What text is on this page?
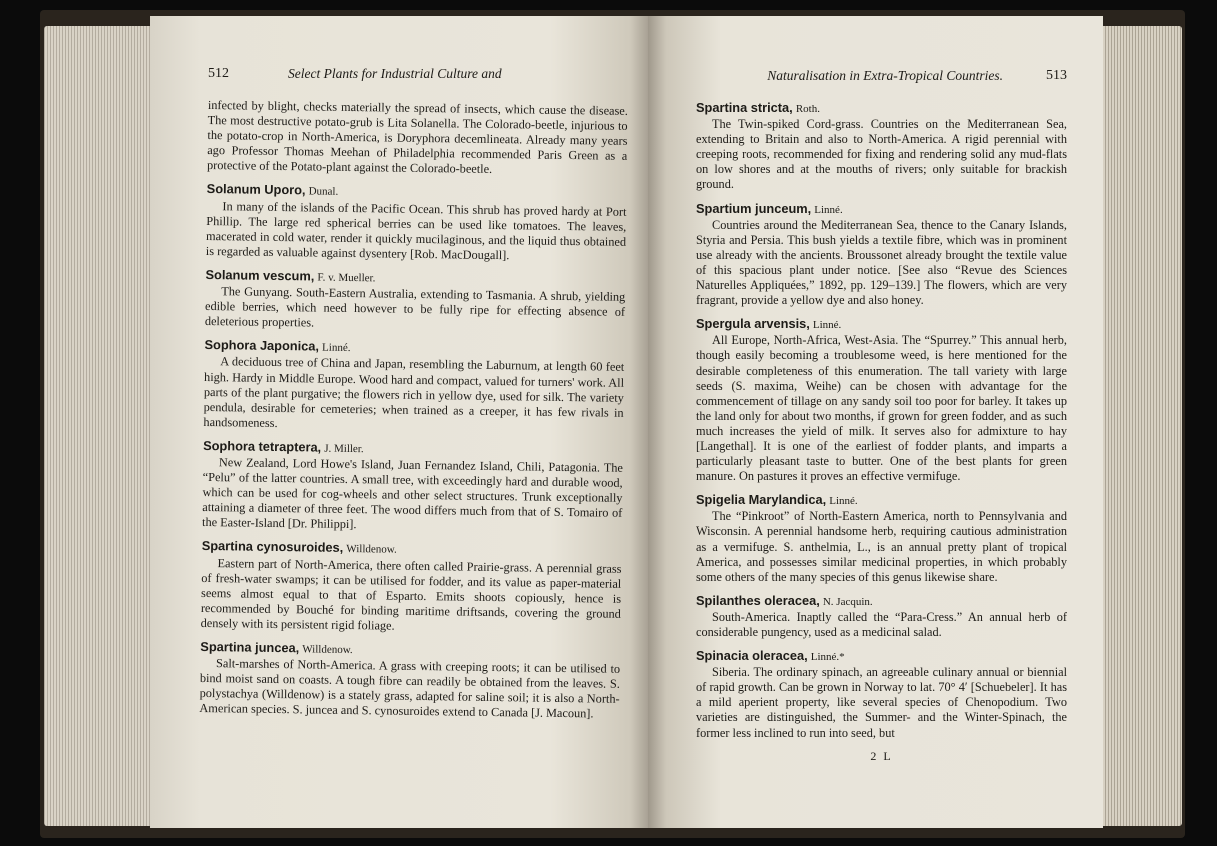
512	Select Plants for Industrial Culture and

infected by blight, checks materially the spread of insects, which cause the disease. The most destructive potato-grub is Lita Solanella. The Colorado-beetle, injurious to the potato-crop in North-America, is Doryphora decemlineata. Already many years ago Professor Thomas Meehan of Philadelphia recommended Paris Green as a protective of the Potato-plant against the Colorado-beetle.

Solanum Uporo, Dunal.

In many of the islands of the Pacific Ocean. This shrub has proved hardy at Port Phillip. The large red spherical berries can be used like tomatoes. The leaves, macerated in cold water, render it quickly mucilaginous, and the liquid thus obtained is regarded as valuable against dysentery [Rob. MacDougall].

Solanum vescum, F. v. Mueller.

The Gunyang. South-Eastern Australia, extending to Tasmania. A shrub, yielding edible berries, which need however to be fully ripe for effecting absence of deleterious properties.

Sophora Japonica, Linné.

A deciduous tree of China and Japan, resembling the Laburnum, at length 60 feet high. Hardy in Middle Europe. Wood hard and compact, valued for turners' work. All parts of the plant purgative; the flowers rich in yellow dye, used for silk. The variety pendula, desirable for cemeteries; when trained as a creeper, it has few rivals in handsomeness.

Sophora tetraptera, J. Miller.

New Zealand, Lord Howe's Island, Juan Fernandez Island, Chili, Patagonia. The “Pelu” of the latter countries. A small tree, with exceedingly hard and durable wood, which can be used for cog-wheels and other select structures. Trunk exceptionally attaining a diameter of three feet. The wood differs much from that of S. Tomairo of the Easter-Island [Dr. Philippi].

Spartina cynosuroides, Willdenow.

Eastern part of North-America, there often called Prairie-grass. A perennial grass of fresh-water swamps; it can be utilised for fodder, and its value as paper-material seems almost equal to that of Esparto. Emits shoots copiously, hence is recommended by Bouché for binding maritime driftsands, covering the ground densely with its persistent rigid foliage.

Spartina juncea, Willdenow.

Salt-marshes of North-America. A grass with creeping roots; it can be utilised to bind moist sand on coasts. A tough fibre can readily be obtained from the leaves. S. polystachya (Willdenow) is a stately grass, adapted for saline soil; it is also a North-American species. S. juncea and S. cynosuroides extend to Canada [J. Macoun].

Naturalisation in Extra-Tropical Countries.	513

Spartina stricta, Roth.

The Twin-spiked Cord-grass. Countries on the Mediterranean Sea, extending to Britain and also to North-America. A rigid perennial with creeping roots, recommended for fixing and rendering solid any mud-flats on low shores and at the mouths of rivers; only suitable for brackish ground.

Spartium junceum, Linné.

Countries around the Mediterranean Sea, thence to the Canary Islands, Styria and Persia. This bush yields a textile fibre, which was in prominent use already with the ancients. Broussonet already brought the textile value of this spacious plant under notice. [See also “Revue des Sciences Naturelles Appliquées,” 1892, pp. 129–139.] The flowers, which are very fragrant, provide a yellow dye and also honey.

Spergula arvensis, Linné.

All Europe, North-Africa, West-Asia. The “Spurrey.” This annual herb, though easily becoming a troublesome weed, is here mentioned for the desirable completeness of this enumeration. The tall variety with large seeds (S. maxima, Weihe) can be chosen with advantage for the commencement of tillage on any sandy soil too poor for barley. It takes up the land only for about two months, if grown for green fodder, and as such much increases the yield of milk. It serves also for admixture to hay [Langethal]. It is one of the earliest of fodder plants, and imparts a particularly pleasant taste to butter. One of the best plants for green manure. On pastures it proves an effective vermifuge.

Spigelia Marylandica, Linné.

The “Pinkroot” of North-Eastern America, north to Pennsylvania and Wisconsin. A perennial handsome herb, requiring cautious administration as a vermifuge. S. anthelmia, L., is an annual pretty plant of tropical America, and possesses similar medicinal properties, in which probably some others of the many species of this genus likewise share.

Spilanthes oleracea, N. Jacquin.

South-America. Inaptly called the “Para-Cress.” An annual herb of considerable pungency, used as a medicinal salad.

Spinacia oleracea, Linné.*

Siberia. The ordinary spinach, an agreeable culinary annual or biennial of rapid growth. Can be grown in Norway to lat. 70° 4′ [Schuebeler]. It has a mild aperient property, like several species of Chenopodium. Two varieties are distinguished, the Summer- and the Winter-Spinach, the former less inclined to run into seed, but

2 L
